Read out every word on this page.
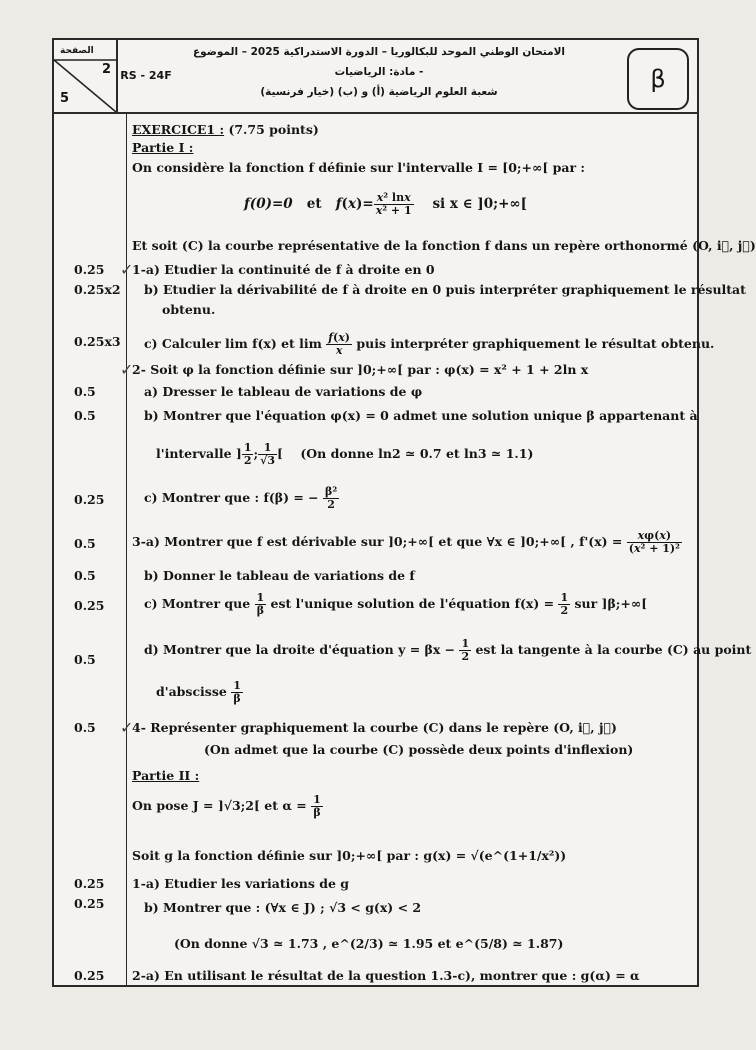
الصفحة
2
5
RS - 24F
الامتحان الوطني الموحد للبكالوريا – الدورة الاستدراكية 2025 – الموضوع
- مادة: الرياضيات
شعبة العلوم الرياضية (أ) و (ب) (خيار فرنسية)	β
0.25
0.25x2
0.25x3
0.5
0.5
0.25
0.5
0.5
0.25
0.5
0.5
0.25
0.25
0.25
✓
✓
✓
EXERCICE1 : (7.75 points)
Partie I :
On considère la fonction f définie sur l'intervalle I = [0;+∞[ par :
f(0)=0 et $f(x)= \frac{\text{x² lnx}}{\text{x² + 1}}$ si x ∈ ]0;+∞[
Et soit (C) la courbe représentative de la fonction f dans un repère orthonormé (O, i⃗, j⃗)
1-a) Etudier la continuité de f à droite en 0
b) Etudier la dérivabilité de f à droite en 0 puis interpréter graphiquement le résultat
obtenu.
c) Calculer lim f(x) et $\lim \frac{f(x)}{x}$ puis interpréter graphiquement le résultat obtenu.
2- Soit φ la fonction définie sur ]0;+∞[ par : φ(x) = x² + 1 + 2ln x
a) Dresser le tableau de variations de φ
b) Montrer que l'équation φ(x) = 0 admet une solution unique β appartenant à
l'intervalle ] $\frac{1}{2}$ ; $\frac{1}{√3}$ [    (On donne ln2 ≃ 0.7 et ln3 ≃ 1.1)
c) Montrer que : f(β) = − $\frac{\text{β²}}{2}$
3-a) Montrer que f est dérivable sur ]0;+∞[ et que ∀x ∈ ]0;+∞[ , $f'(x) = \frac{x\varphi(x)}{\text{(x² + 1)²}}$
b) Donner le tableau de variations de f
c) Montrer que $\frac{1}{\beta}$ est l'unique solution de l'équation $f(x) = \frac{1}{2}$ sur ]β;+∞[
d) Montrer que la droite d'équation $y = \beta x - \frac{1}{2}$ est la tangente à la courbe (C) au point
d'abscisse $\frac{1}{\beta}$
4- Représenter graphiquement la courbe (C) dans le repère (O, i⃗, j⃗)
(On admet que la courbe (C) possède deux points d'inflexion)
Partie II :
On pose J = ]√3;2[ et $\alpha = \frac{1}{\beta}$
Soit g la fonction définie sur ]0;+∞[ par : g(x) = √(e^(1+1/x²))
1-a) Etudier les variations de g
b) Montrer que : (∀x ∈ J) ; √3 < g(x) < 2
(On donne √3 ≃ 1.73 , e^(2/3) ≃ 1.95 et e^(5/8) ≃ 1.87)
2-a) En utilisant le résultat de la question 1.3-c), montrer que : g(α) = α
